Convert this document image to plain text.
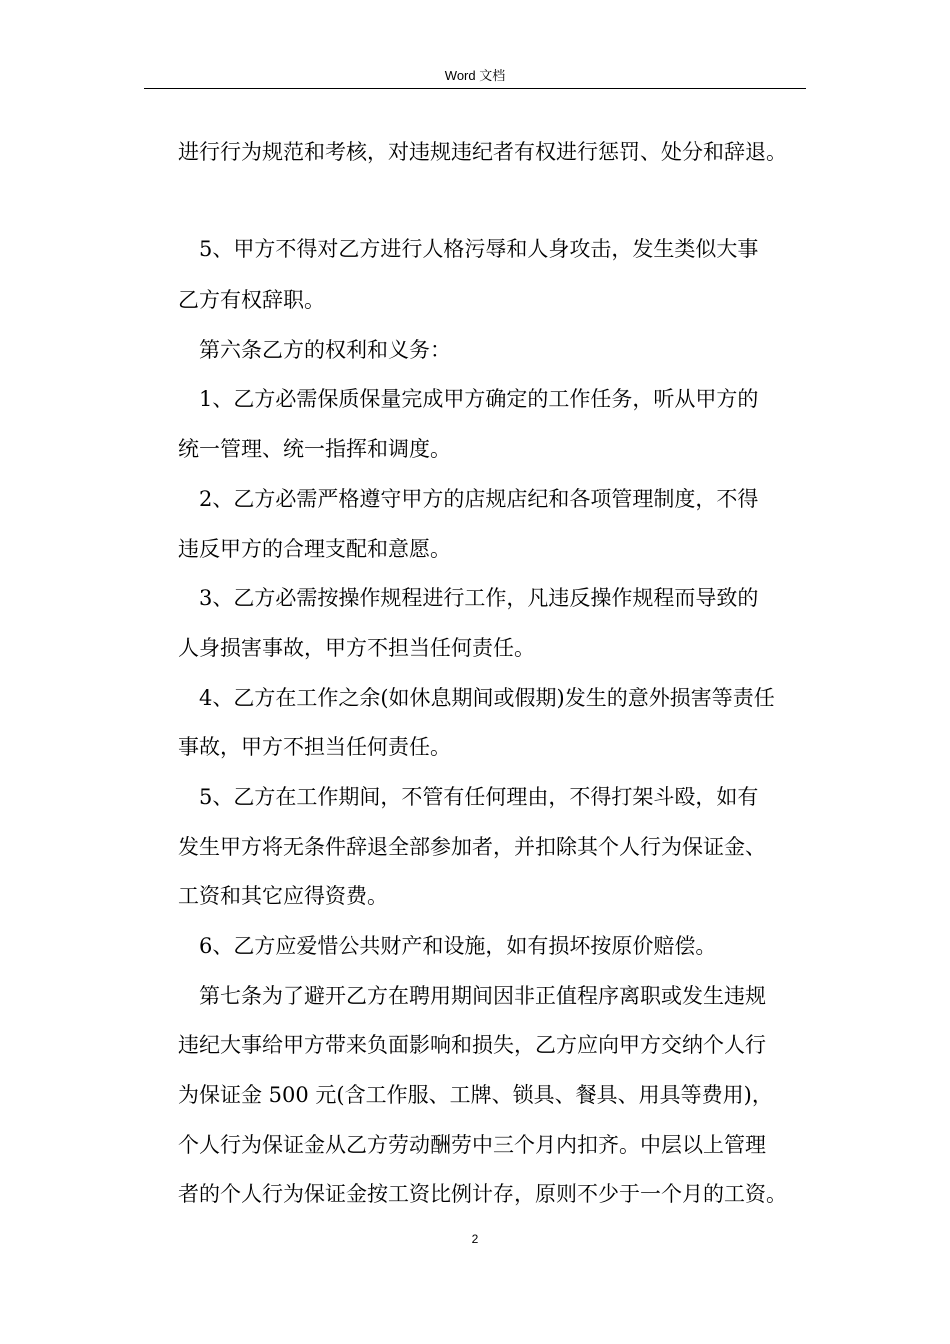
Word 文档
进行行为规范和考核，对违规违纪者有权进行惩罚、处分和辞退。
5、甲方不得对乙方进行人格污辱和人身攻击，发生类似大事
乙方有权辞职。
第六条乙方的权利和义务：
1、乙方必需保质保量完成甲方确定的工作任务，听从甲方的
统一管理、统一指挥和调度。
2、乙方必需严格遵守甲方的店规店纪和各项管理制度，不得
违反甲方的合理支配和意愿。
3、乙方必需按操作规程进行工作，凡违反操作规程而导致的
人身损害事故，甲方不担当任何责任。
4、乙方在工作之余(如休息期间或假期)发生的意外损害等责任
事故，甲方不担当任何责任。
5、乙方在工作期间，不管有任何理由，不得打架斗殴，如有
发生甲方将无条件辞退全部参加者，并扣除其个人行为保证金、
工资和其它应得资费。
6、乙方应爱惜公共财产和设施，如有损坏按原价赔偿。
第七条为了避开乙方在聘用期间因非正值程序离职或发生违规
违纪大事给甲方带来负面影响和损失，乙方应向甲方交纳个人行
为保证金 500 元(含工作服、工牌、锁具、餐具、用具等费用)，
个人行为保证金从乙方劳动酬劳中三个月内扣齐。中层以上管理
者的个人行为保证金按工资比例计存，原则不少于一个月的工资。
2
